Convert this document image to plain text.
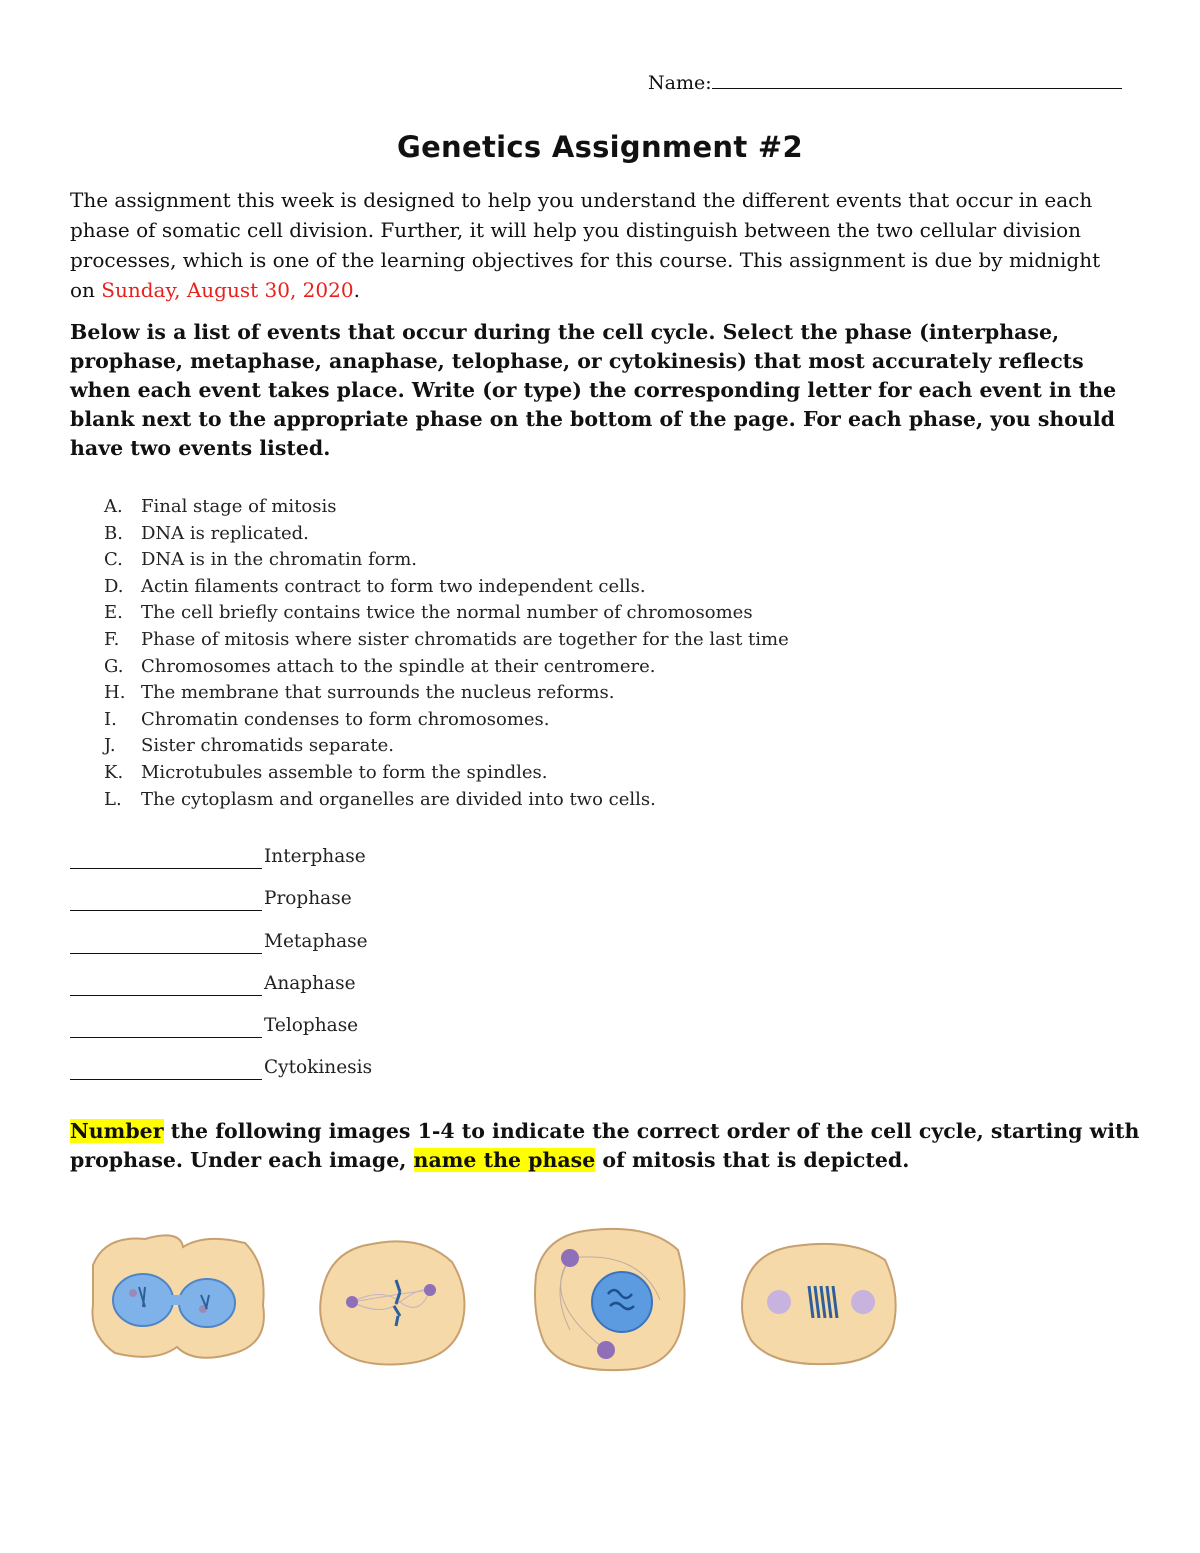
Name:
Genetics Assignment #2

The assignment this week is designed to help you understand the different events that occur in each phase of somatic cell division. Further, it will help you distinguish between the two cellular division processes, which is one of the learning objectives for this course. This assignment is due by midnight on Sunday, August 30, 2020.

Below is a list of events that occur during the cell cycle. Select the phase (interphase, prophase, metaphase, anaphase, telophase, or cytokinesis) that most accurately reflects when each event takes place. Write (or type) the corresponding letter for each event in the blank next to the appropriate phase on the bottom of the page. For each phase, you should have two events listed.

A.	Final stage of mitosis
B.	DNA is replicated.
C.	DNA is in the chromatin form.
D. Actin filaments contract to form two independent cells.
E.	The cell briefly contains twice the normal number of chromosomes
F.	Phase of mitosis where sister chromatids are together for the last time
G. Chromosomes attach to the spindle at their centromere.
H. The membrane that surrounds the nucleus reforms.
I.	Chromatin condenses to form chromosomes.
J.	Sister chromatids separate.
K. Microtubules assemble to form the spindles.
L.	The cytoplasm and organelles are divided into two cells.
Interphase
Prophase
Metaphase
Anaphase
Telophase
Cytokinesis

Number the following images 1-4 to indicate the correct order of the cell cycle, starting with prophase. Under each image, name the phase of mitosis that is depicted.
